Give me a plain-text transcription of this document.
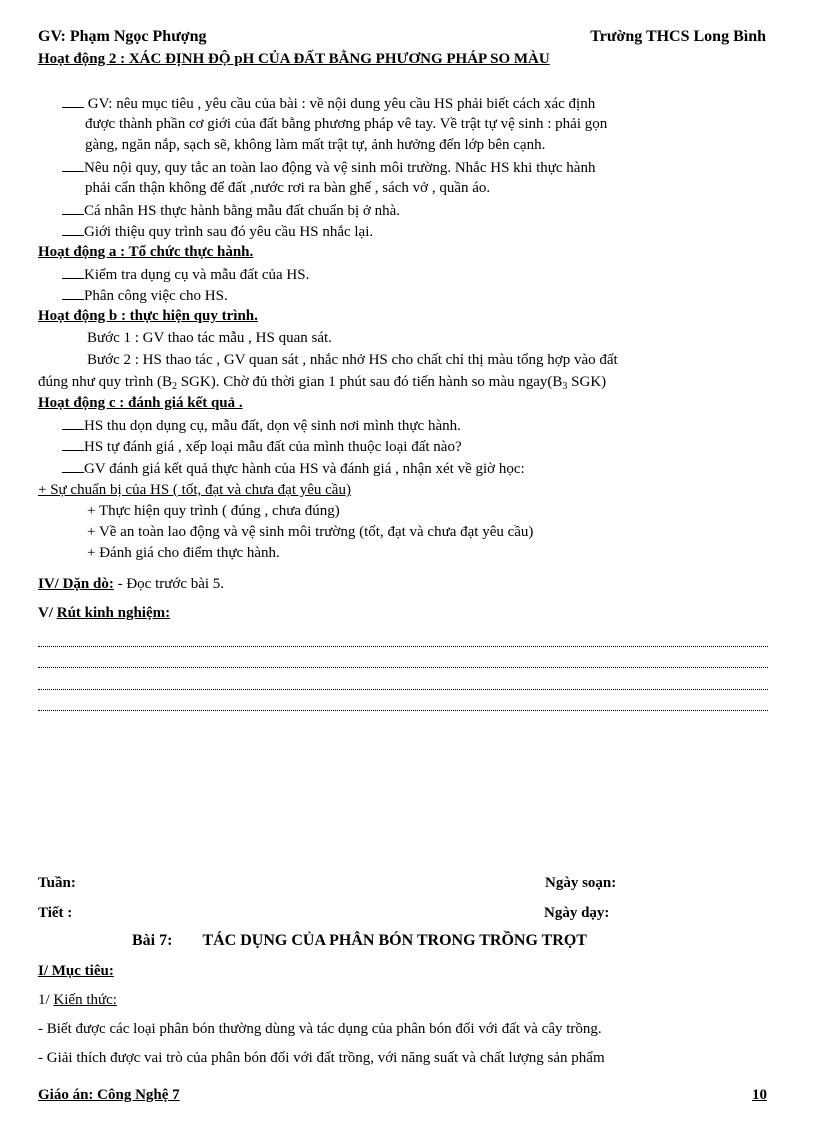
GV: Phạm Ngọc Phượng	Trường THCS Long Bình
Hoạt động 2 : XÁC ĐỊNH ĐỘ pH CỦA ĐẤT BẰNG PHƯƠNG PHÁP SO MÀU
GV: nêu mục tiêu , yêu cầu của bài : về nội dung yêu cầu HS phải biết cách xác định
được thành phần cơ giới của đất bằng phương pháp vê tay. Về trật tự vệ sinh : phải gọn
gàng, ngăn nắp, sạch sẽ, không làm mất trật tự, ảnh hưởng đến lớp bên cạnh.
Nêu nội quy, quy tắc an toàn lao động và vệ sinh môi trường. Nhắc HS khi thực hành
phải cẩn thận không để đất ,nước rơi ra bàn ghế , sách vở , quần áo.
Cá nhân HS thực hành bằng mẫu đất chuẩn bị ở nhà.
Giới thiệu quy trình sau đó yêu cầu HS nhắc lại.
Hoạt động a : Tổ chức thực hành.
Kiểm tra dụng cụ và mẫu đất của HS.
Phân công việc cho HS.
Hoạt động b : thực hiện quy trình.
Bước 1 : GV thao tác mẫu , HS quan sát.
Bước 2 : HS thao tác , GV quan sát , nhắc nhở HS cho chất chỉ thị màu tổng hợp vào đất
đúng như quy trình ($B_2$ SGK). Chờ đủ thời gian 1 phút sau đó tiến hành so màu $ngay(B_3$ SGK)
Hoạt động c : đánh giá kết quả .
HS thu dọn dụng cụ, mẫu đất, dọn vệ sinh nơi mình thực hành.
HS tự đánh giá , xếp loại mẫu đất của mình thuộc loại đất nào?
GV đánh giá kết quả thực hành của HS và đánh giá , nhận xét về giờ học:
+ Sự chuẩn bị của HS ( tốt, đạt và chưa đạt yêu cầu)
+ Thực hiện quy trình ( đúng , chưa đúng)
+ Về an toàn lao động và vệ sinh môi trường (tốt, đạt và chưa đạt yêu cầu)
+ Đánh giá cho điểm thực hành.
IV/ Dặn dò: - Đọc trước bài 5.
V/ Rút kinh nghiệm:
Tuần:	Ngày soạn:
Tiết :	Ngày dạy:
Bài 7: TÁC DỤNG CỦA PHÂN BÓN TRONG TRỒNG TRỌT
I/ Mục tiêu:
1/ Kiến thức:
- Biết được các loại phân bón thường dùng và tác dụng của phân bón đối với đất và cây trồng.
- Giải thích được vai trò của phân bón đối với đất trồng, với năng suất và chất lượng sản phẩm
Giáo án: Công Nghệ 7	10
